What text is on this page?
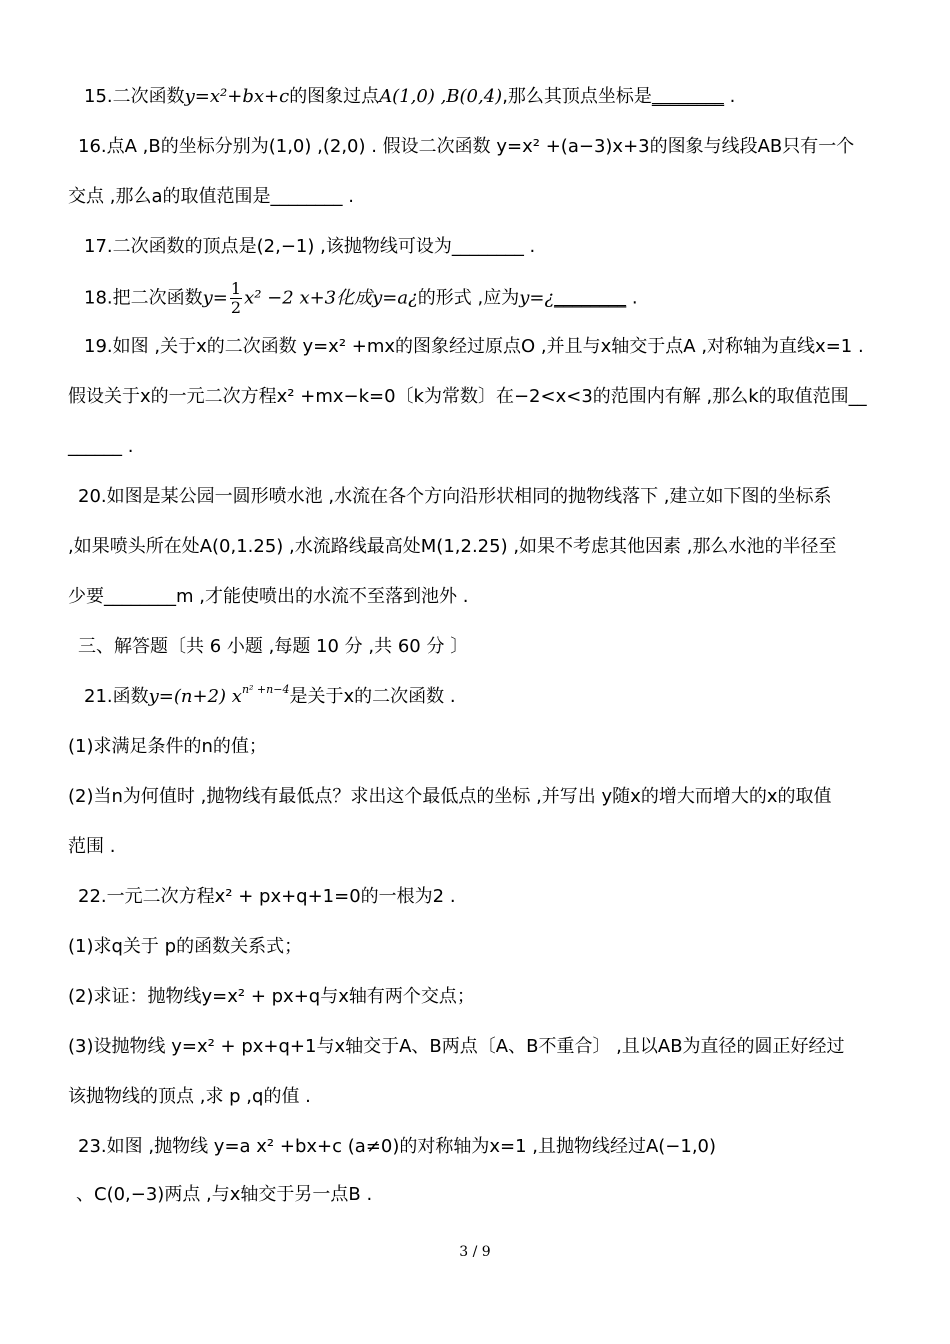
15.二次函数y=x²+bx+c的图象过点A(1,0) ,B(0,4),那么其顶点坐标是________ .
16.点A ,B的坐标分别为(1,0) ,(2,0) . 假设二次函数 y=x² +(a−3)x+3的图象与线段AB只有一个
交点 ,那么a的取值范围是________ .
17.二次函数的顶点是(2,−1) ,该抛物线可设为________ .
18.把二次函数$y= \frac{1}{2} x^2 -2$ x+3化成y=a¿的形式 ,应为y=¿________ .
19.如图 ,关于x的二次函数 y=x² +mx的图象经过原点O ,并且与x轴交于点A ,对称轴为直线x=1 .
假设关于x的一元二次方程x² +mx−k=0〔k为常数〕在−2<x<3的范围内有解 ,那么k的取值范围__
______ .
20.如图是某公园一圆形喷水池 ,水流在各个方向沿形状相同的抛物线落下 ,建立如下图的坐标系
,如果喷头所在处A(0,1.25) ,水流路线最高处M(1,2.25) ,如果不考虑其他因素 ,那么水池的半径至
少要________m ,才能使喷出的水流不至落到池外 .
三、解答题〔共 6 小题 ,每题 10 分 ,共 60 分 〕
21.函数y=(n+2) $x^{n^2 +n-4}$是关于x的二次函数 .
(1)求满足条件的n的值；
(2)当n为何值时 ,抛物线有最低点？求出这个最低点的坐标 ,并写出 y随x的增大而增大的x的取值
范围 .
22.一元二次方程x² + px+q+1=0的一根为2 .
(1)求q关于 p的函数关系式；
(2)求证：抛物线y=x² + px+q与x轴有两个交点；
(3)设抛物线 y=x² + px+q+1与x轴交于A、B两点〔A、B不重合〕 ,且以AB为直径的圆正好经过
该抛物线的顶点 ,求 p ,q的值 .
23.如图 ,抛物线 y=a x² +bx+c (a≠0)的对称轴为x=1 ,且抛物线经过A(−1,0)
、C(0,−3)两点 ,与x轴交于另一点B .
3 / 9
